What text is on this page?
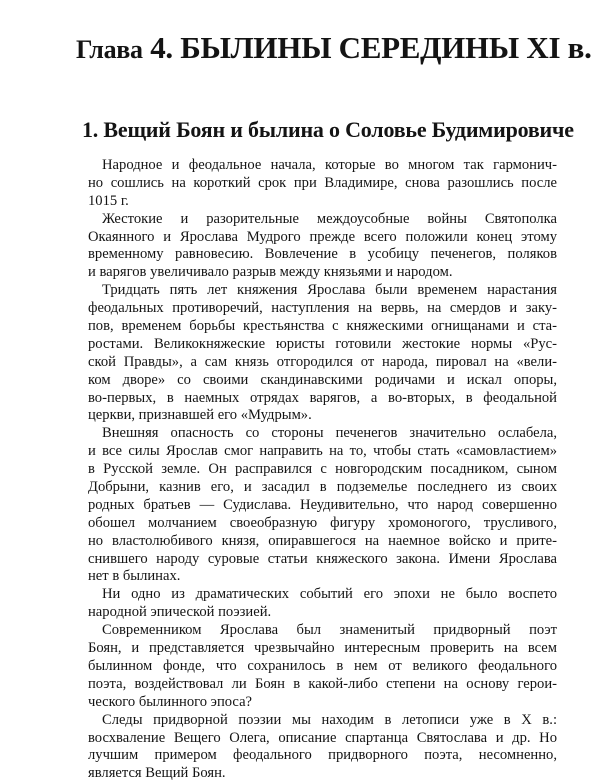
Глава 4. БЫЛИНЫ СЕРЕДИНЫ XI в.
1. Вещий Боян и былина о Соловье Будимировиче
Народное и феодальное начала, которые во многом так гармонич-
но сошлись на короткий срок при Владимире, снова разошлись после
1015 г.
Жестокие и разорительные междоусобные войны Святополка
Окаянного и Ярослава Мудрого прежде всего положили конец этому
временному равновесию. Вовлечение в усобицу печенегов, поляков
и варягов увеличивало разрыв между князьями и народом.
Тридцать пять лет княжения Ярослава были временем нарастания
феодальных противоречий, наступления на вервь, на смердов и заку-
пов, временем борьбы крестьянства с княжескими огнищанами и ста-
ростами. Великокняжеские юристы готовили жестокие нормы «Рус-
ской Правды», а сам князь отгородился от народа, пировал на «вели-
ком дворе» со своими скандинавскими родичами и искал опоры,
во-первых, в наемных отрядах варягов, а во-вторых, в феодальной
церкви, признавшей его «Мудрым».
Внешняя опасность со стороны печенегов значительно ослабела,
и все силы Ярослав смог направить на то, чтобы стать «самовластием»
в Русской земле. Он расправился с новгородским посадником, сыном
Добрыни, казнив его, и засадил в подземелье последнего из своих
родных братьев — Судислава. Неудивительно, что народ совершенно
обошел молчанием своеобразную фигуру хромоногого, трусливого,
но властолюбивого князя, опиравшегося на наемное войско и прите-
снившего народу суровые статьи княжеского закона. Имени Ярослава
нет в былинах.
Ни одно из драматических событий его эпохи не было воспето
народной эпической поэзией.
Современником Ярослава был знаменитый придворный поэт
Боян, и представляется чрезвычайно интересным проверить на всем
былинном фонде, что сохранилось в нем от великого феодального
поэта, воздействовал ли Боян в какой-либо степени на основу герои-
ческого былинного эпоса?
Следы придворной поэзии мы находим в летописи уже в X в.:
восхваление Вещего Олега, описание спартанца Святослава и др. Но
лучшим примером феодального придворного поэта, несомненно,
является Вещий Боян.
